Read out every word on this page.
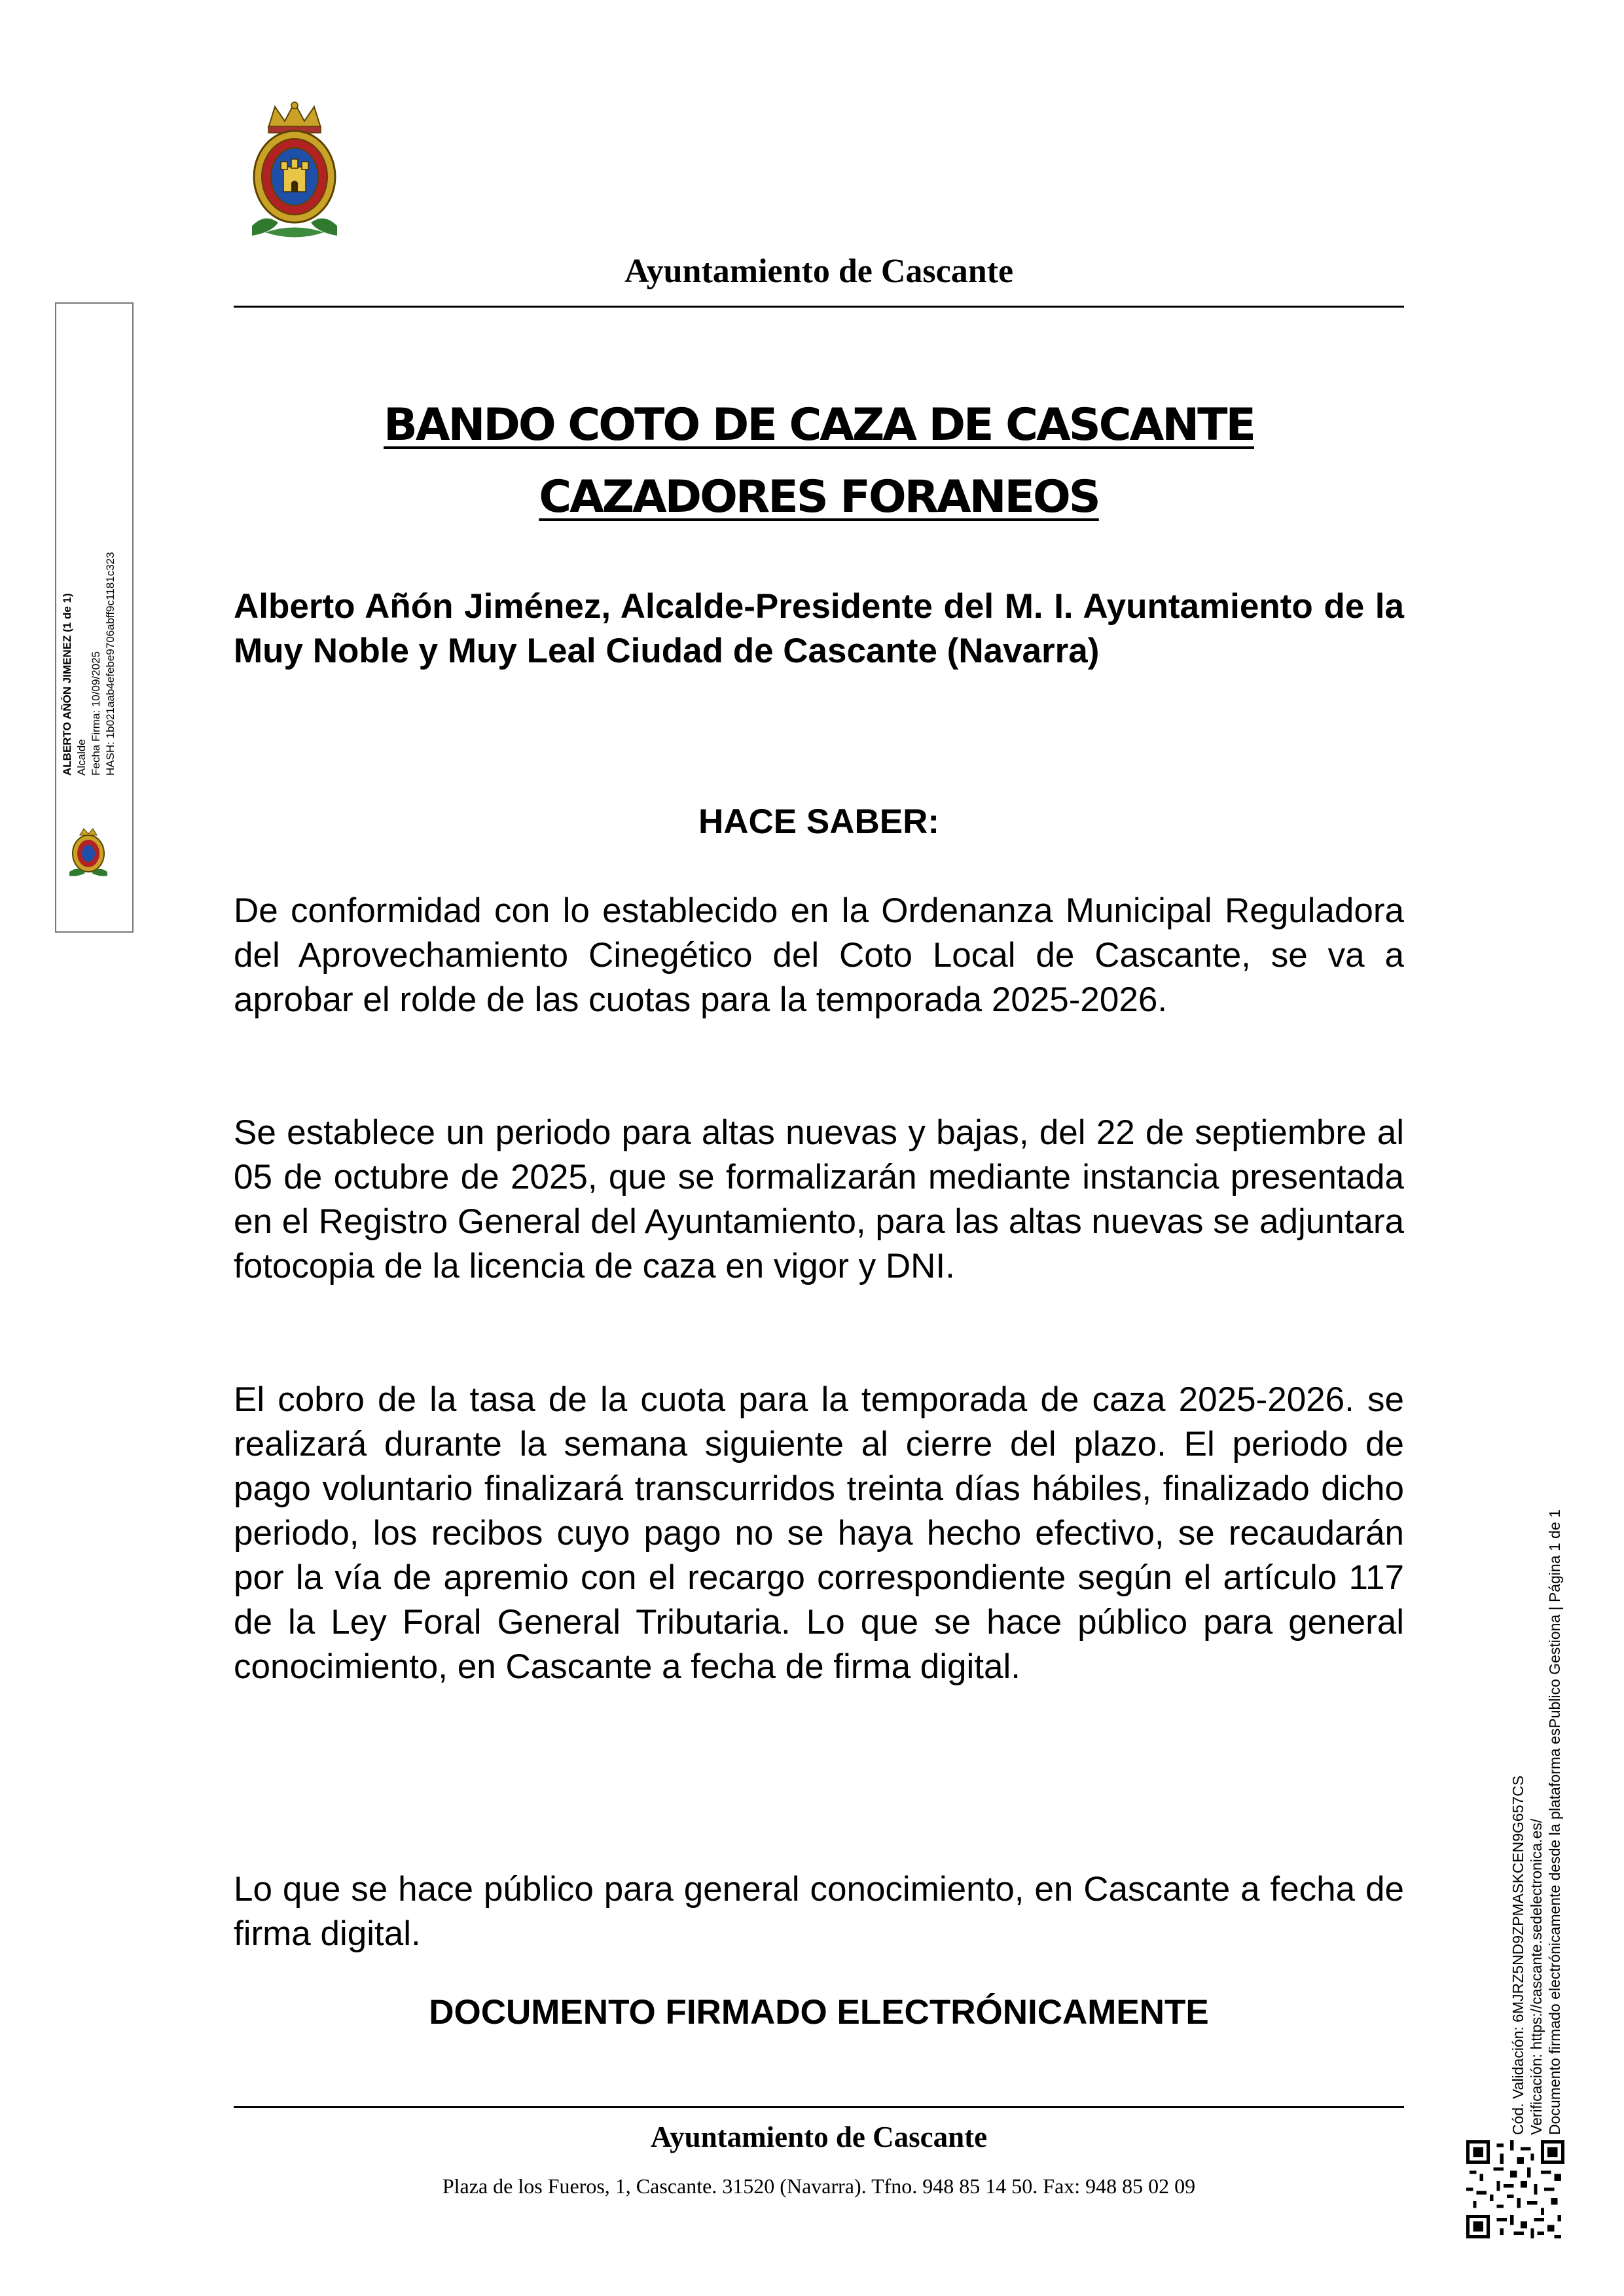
Ayuntamiento de Cascante
BANDO COTO DE CAZA DE CASCANTE CAZADORES FORANEOS
Alberto Añón Jiménez, Alcalde-Presidente del M. I. Ayuntamiento de la Muy Noble y Muy Leal Ciudad de Cascante (Navarra)
HACE SABER:
De conformidad con lo establecido en la Ordenanza Municipal Reguladora del Aprovechamiento Cinegético del Coto Local de Cascante, se va a aprobar el rolde de las cuotas para la temporada 2025-2026.
Se establece un periodo para altas nuevas y bajas, del 22 de septiembre al 05 de octubre de 2025, que se formalizarán mediante instancia presentada en el Registro General del Ayuntamiento, para las altas nuevas se adjuntara fotocopia de la licencia de caza en vigor y DNI.
El cobro de la tasa de la cuota para la temporada de caza 2025-2026. se realizará durante la semana siguiente al cierre del plazo. El periodo de pago voluntario finalizará transcurridos treinta días hábiles, finalizado dicho periodo, los recibos cuyo pago no se haya hecho efectivo, se recaudarán por la vía de apremio con el recargo correspondiente según el artículo 117 de la Ley Foral General Tributaria. Lo que se hace público para general conocimiento, en Cascante a fecha de firma digital.
Lo que se hace público para general conocimiento, en Cascante a fecha de firma digital.
DOCUMENTO FIRMADO ELECTRÓNICAMENTE
Ayuntamiento de Cascante
Plaza de los Fueros, 1, Cascante. 31520 (Navarra). Tfno. 948 85 14 50. Fax: 948 85 02 09
ALBERTO AÑÓN JIMENEZ (1 de 1) Alcalde Fecha Firma: 10/09/2025 HASH: 1b021aab4efebe9706abff9c1181c323
Cód. Validación: 6MJRZ5ND9ZPMASKCEN9G657CS Verificación: https://cascante.sedelectronica.es/ Documento firmado electrónicamente desde la plataforma esPublico Gestiona | Página 1 de 1
